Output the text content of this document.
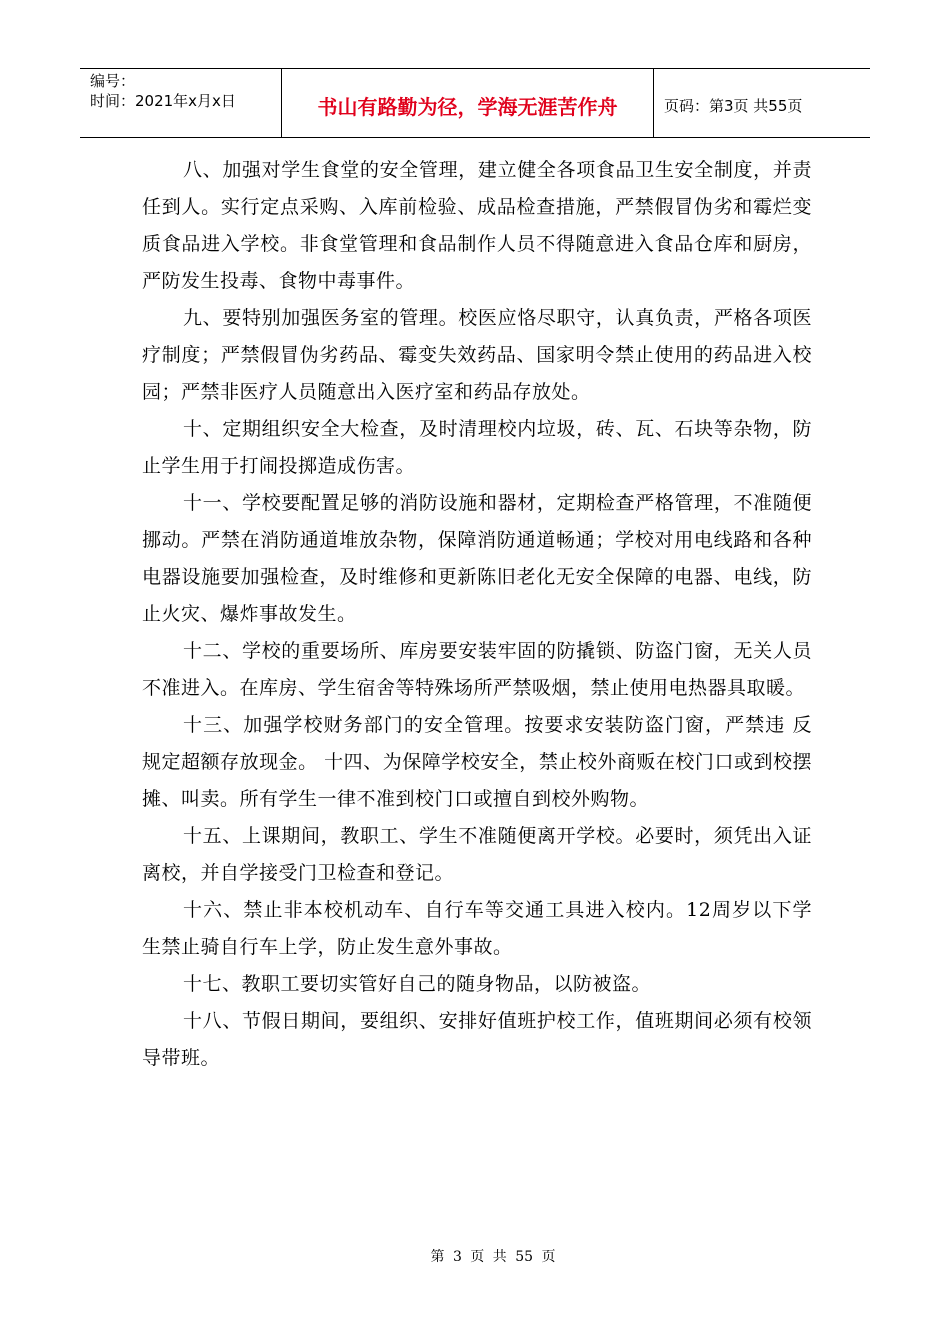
编号：
时间：2021年x月x日	书山有路勤为径，学海无涯苦作舟	页码：第3页 共55页

八、加强对学生食堂的安全管理，建立健全各项食品卫生安全制度，并责任到人。实行定点采购、入库前检验、成品检查措施，严禁假冒伪劣和霉烂变质食品进入学校。非食堂管理和食品制作人员不得随意进入食品仓库和厨房，严防发生投毒、食物中毒事件。

九、要特别加强医务室的管理。校医应恪尽职守，认真负责，严格各项医疗制度；严禁假冒伪劣药品、霉变失效药品、国家明令禁止使用的药品进入校园；严禁非医疗人员随意出入医疗室和药品存放处。

十、定期组织安全大检查，及时清理校内垃圾，砖、瓦、石块等杂物，防止学生用于打闹投掷造成伤害。

十一、学校要配置足够的消防设施和器材，定期检查严格管理，不准随便挪动。严禁在消防通道堆放杂物，保障消防通道畅通；学校对用电线路和各种电器设施要加强检查，及时维修和更新陈旧老化无安全保障的电器、电线，防止火灾、爆炸事故发生。

十二、学校的重要场所、库房要安装牢固的防撬锁、防盗门窗，无关人员不准进入。在库房、学生宿舍等特殊场所严禁吸烟，禁止使用电热器具取暖。

十三、加强学校财务部门的安全管理。按要求安装防盗门窗，严禁违 反规定超额存放现金。 十四、为保障学校安全，禁止校外商贩在校门口或到校摆摊、叫卖。所有学生一律不准到校门口或擅自到校外购物。

十五、上课期间，教职工、学生不准随便离开学校。必要时，须凭出入证离校，并自学接受门卫检查和登记。

十六、禁止非本校机动车、自行车等交通工具进入校内。12周岁以下学生禁止骑自行车上学，防止发生意外事故。

十七、教职工要切实管好自己的随身物品，以防被盗。

十八、节假日期间，要组织、安排好值班护校工作，值班期间必须有校领导带班。

第 3 页 共 55 页
